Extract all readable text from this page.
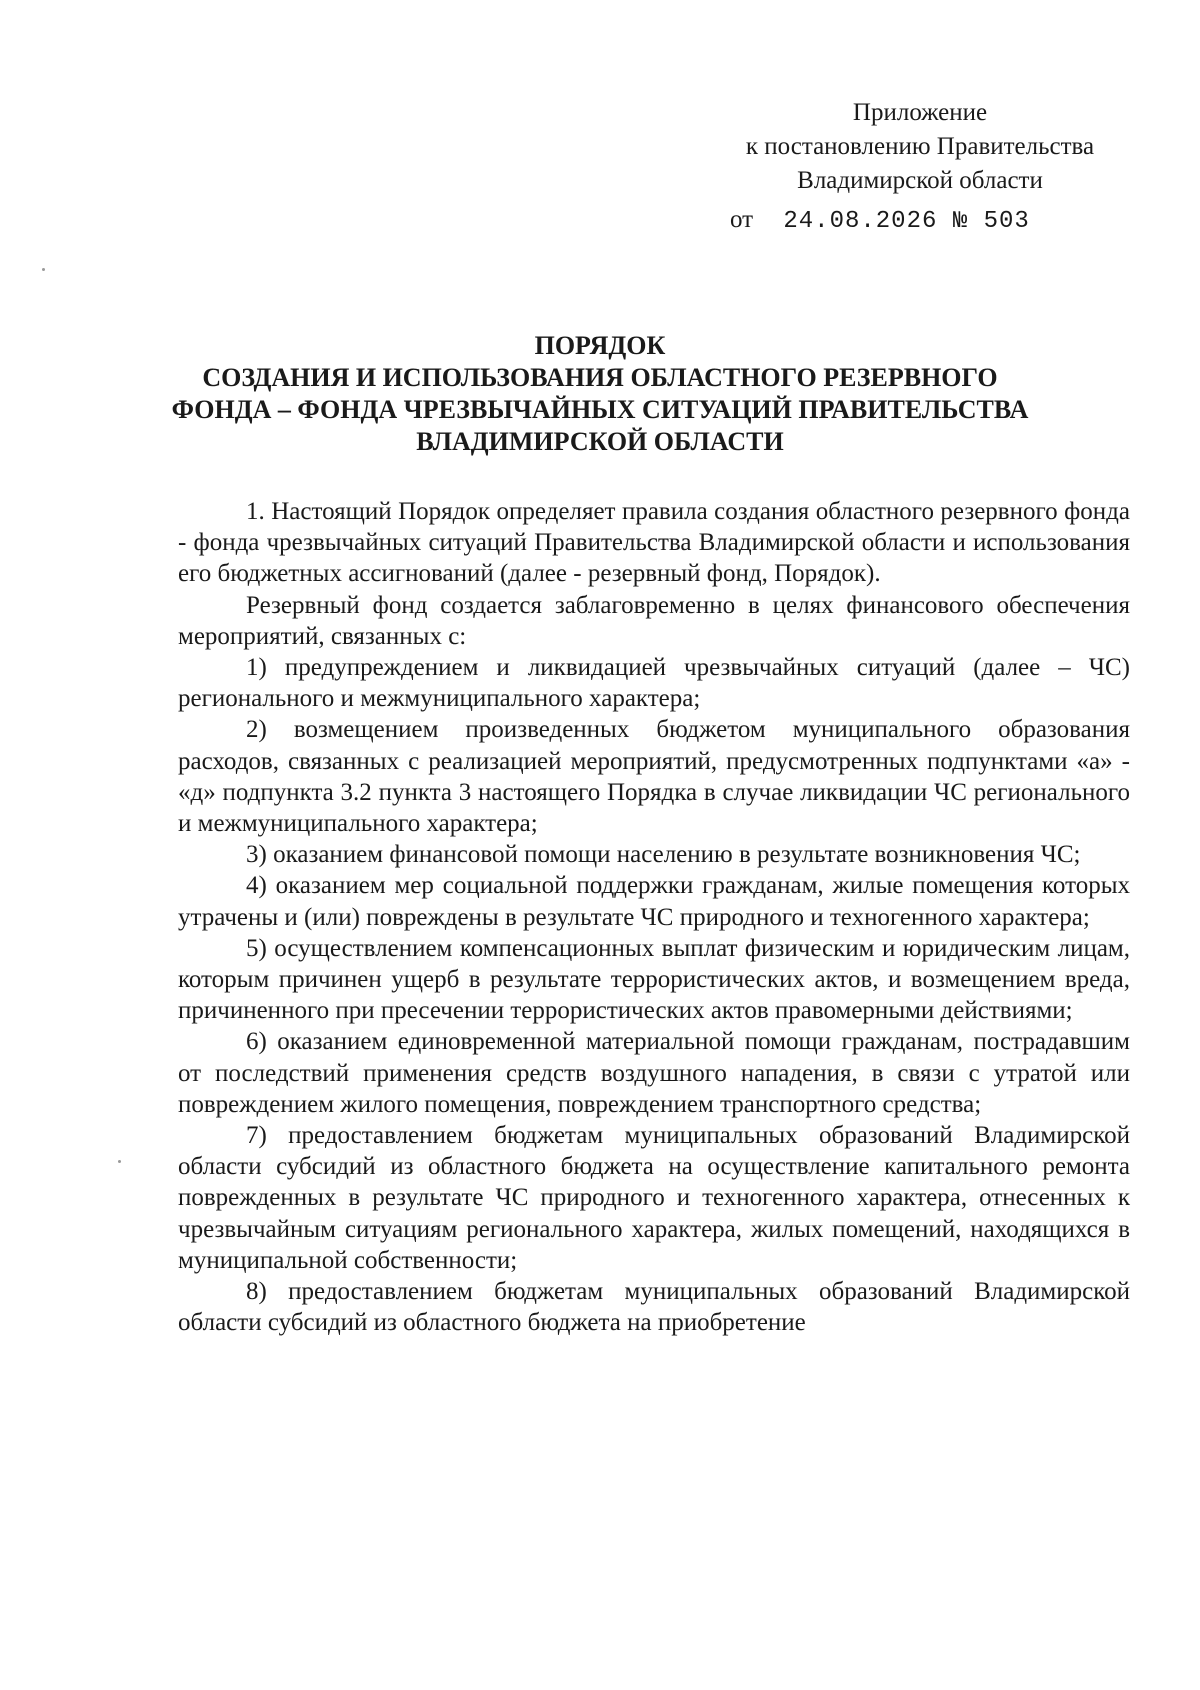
Приложение
к постановлению Правительства
Владимирской области
от 24.08.2026 № 503
ПОРЯДОК
СОЗДАНИЯ И ИСПОЛЬЗОВАНИЯ ОБЛАСТНОГО РЕЗЕРВНОГО
ФОНДА – ФОНДА ЧРЕЗВЫЧАЙНЫХ СИТУАЦИЙ ПРАВИТЕЛЬСТВА
ВЛАДИМИРСКОЙ ОБЛАСТИ

1. Настоящий Порядок определяет правила создания областного резервного фонда - фонда чрезвычайных ситуаций Правительства Владимирской области и использования его бюджетных ассигнований (далее - резервный фонд, Порядок).

Резервный фонд создается заблаговременно в целях финансового обеспечения мероприятий, связанных с:

1) предупреждением и ликвидацией чрезвычайных ситуаций (далее – ЧС) регионального и межмуниципального характера;

2) возмещением произведенных бюджетом муниципального образования расходов, связанных с реализацией мероприятий, предусмотренных подпунктами «а» - «д» подпункта 3.2 пункта 3 настоящего Порядка в случае ликвидации ЧС регионального и межмуниципального характера;

3) оказанием финансовой помощи населению в результате возникновения ЧС;

4) оказанием мер социальной поддержки гражданам, жилые помещения которых утрачены и (или) повреждены в результате ЧС природного и техногенного характера;

5) осуществлением компенсационных выплат физическим и юридическим лицам, которым причинен ущерб в результате террористических актов, и возмещением вреда, причиненного при пресечении террористических актов правомерными действиями;

6) оказанием единовременной материальной помощи гражданам, пострадавшим от последствий применения средств воздушного нападения, в связи с утратой или повреждением жилого помещения, повреждением транспортного средства;

7) предоставлением бюджетам муниципальных образований Владимирской области субсидий из областного бюджета на осуществление капитального ремонта поврежденных в результате ЧС природного и техногенного характера, отнесенных к чрезвычайным ситуациям регионального характера, жилых помещений, находящихся в муниципальной собственности;

8) предоставлением бюджетам муниципальных образований Владимирской области субсидий из областного бюджета на приобретение
